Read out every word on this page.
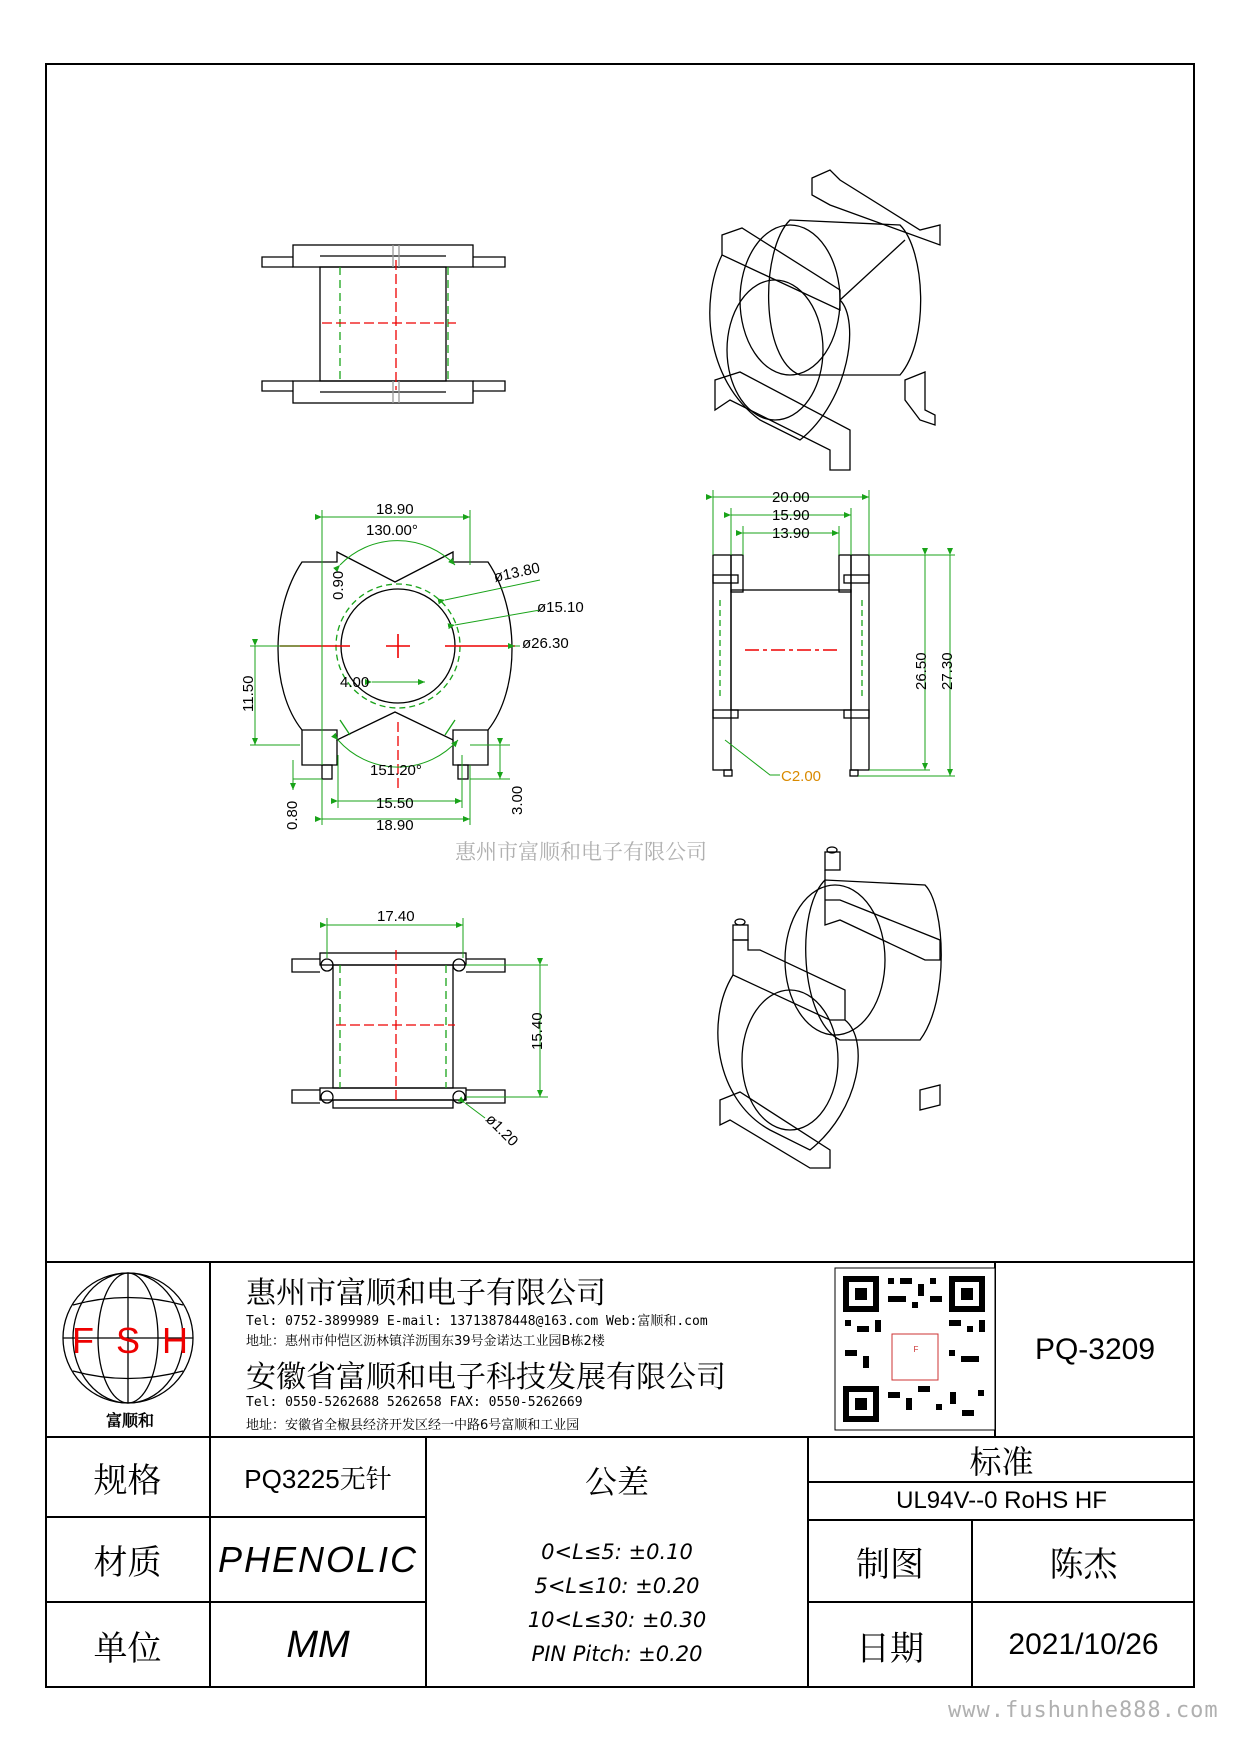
18.90
130.00°
0.90	ø13.80
ø15.10
ø26.30
11.50	4.00
151.20°
0.80
3.00
15.50
18.90
20.00
15.90
13.90
26.50 27.30
C2.00
17.40
15.40
ø1.20
惠州市富顺和电子有限公司
F S H
富顺和
F
惠州市富顺和电子有限公司
Tel: 0752-3899989 E-mail: 13713878448@163.com Web:富顺和.com
地址：惠州市仲恺区沥林镇洋沥围东39号金诺达工业园B栋2楼
安徽省富顺和电子科技发展有限公司
Tel: 0550-5262688 5262658 FAX: 0550-5262669
地址：安徽省全椒县经济开发区经一中路6号富顺和工业园
PQ-3209
规格	PQ3225无针
材质	PHENOLIC
单位	MM
公差
0<L≤5: ±0.10
5<L≤10: ±0.20
10<L≤30: ±0.30
PIN Pitch: ±0.20
标准
UL94V--0 RoHS HF
制图	陈杰
日期	2021/10/26
www.fushunhe888.com
